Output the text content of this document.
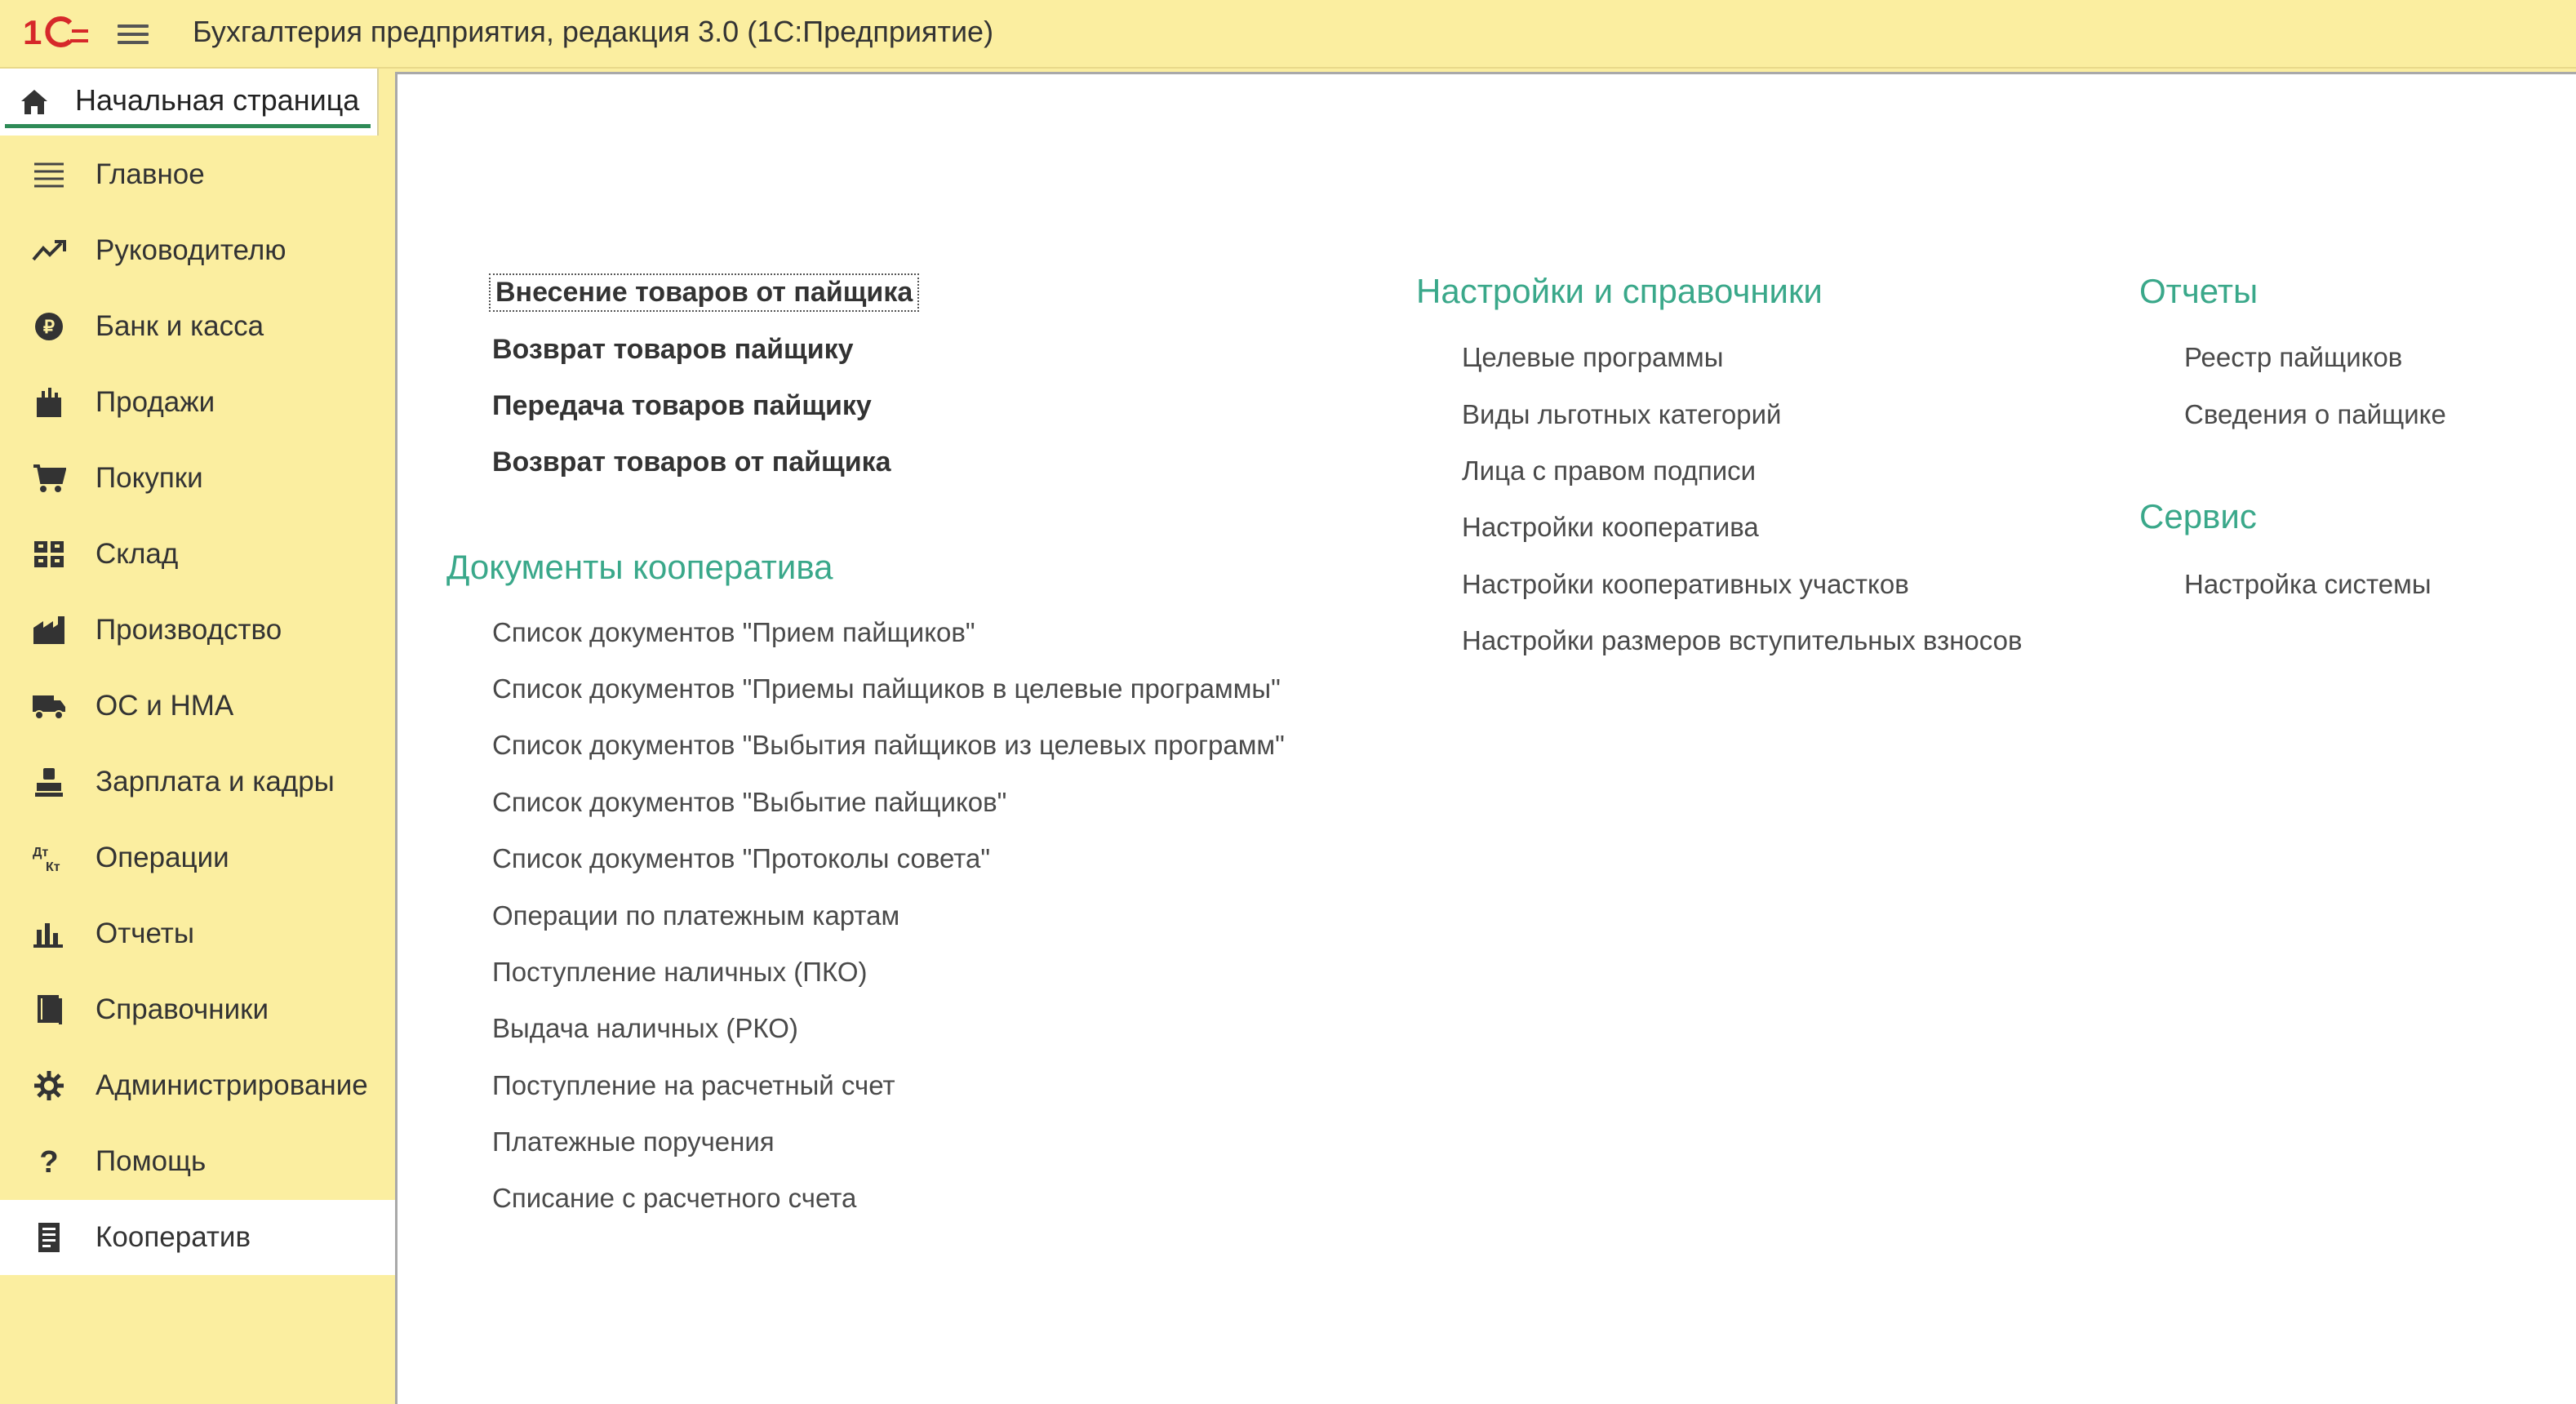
1	Бухгалтерия предприятия, редакция 3.0 (1С:Предприятие)
Начальная страница
Главное
Руководителю
₽ Банк и касса
Продажи
Покупки
Склад
Производство
ОС и НМА
Зарплата и кадры
Дт
Кт Операции
Отчеты
Справочники
Администрирование
? Помощь
Кооператив
Внесение товаров от пайщика
Возврат товаров пайщику
Передача товаров пайщику
Возврат товаров от пайщика
Документы кооператива
Список документов "Прием пайщиков"
Список документов "Приемы пайщиков в целевые программы"
Список документов "Выбытия пайщиков из целевых программ"
Список документов "Выбытие пайщиков"
Список документов "Протоколы совета"
Операции по платежным картам
Поступление наличных (ПКО)
Выдача наличных (РКО)
Поступление на расчетный счет
Платежные поручения
Списание с расчетного счета
Настройки и справочники
Целевые программы
Виды льготных категорий
Лица с правом подписи
Настройки кооператива
Настройки кооперативных участков
Настройки размеров вступительных взносов
Отчеты
Реестр пайщиков
Сведения о пайщике
Сервис
Настройка системы
